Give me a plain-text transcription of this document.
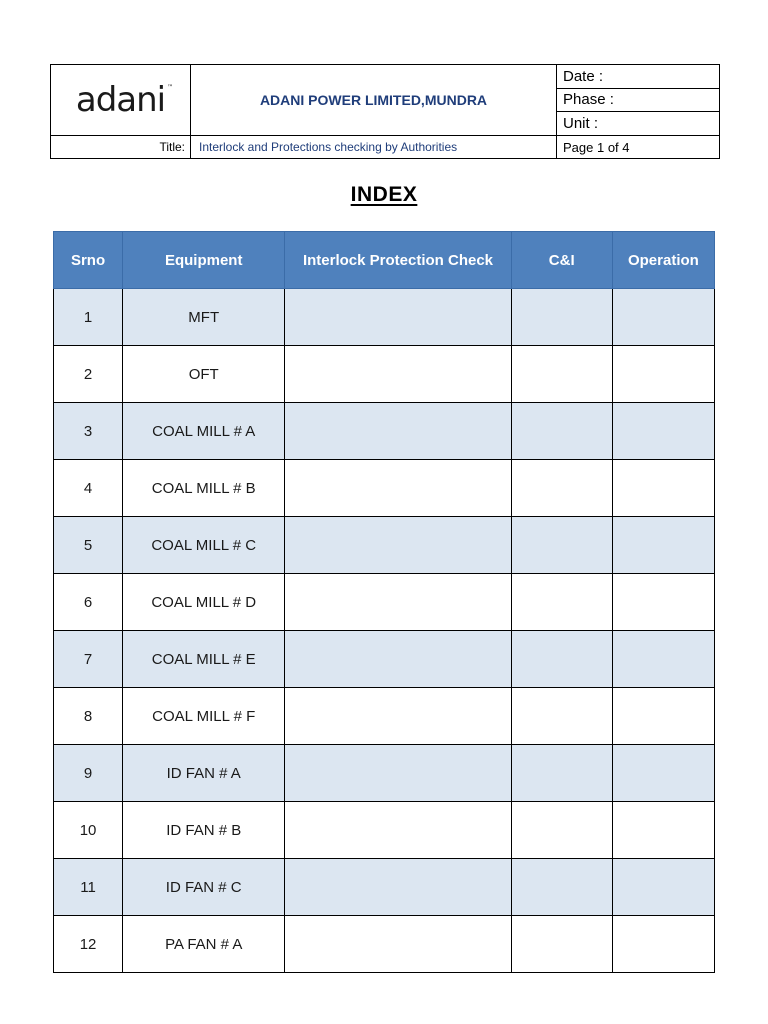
adani ™	ADANI POWER LIMITED,MUNDRA	Date :
		Phase :
		Unit :
Title:	Interlock and Protections checking by Authorities	Page 1 of 4
INDEX
Srno	Equipment	Interlock Protection Check	C&I	Operation
1	MFT			
2	OFT			
3	COAL MILL # A			
4	COAL MILL # B			
5	COAL MILL # C			
6	COAL MILL # D			
7	COAL MILL # E			
8	COAL MILL # F			
9	ID FAN # A			
10	ID FAN # B			
11	ID FAN # C			
12	PA FAN # A			
